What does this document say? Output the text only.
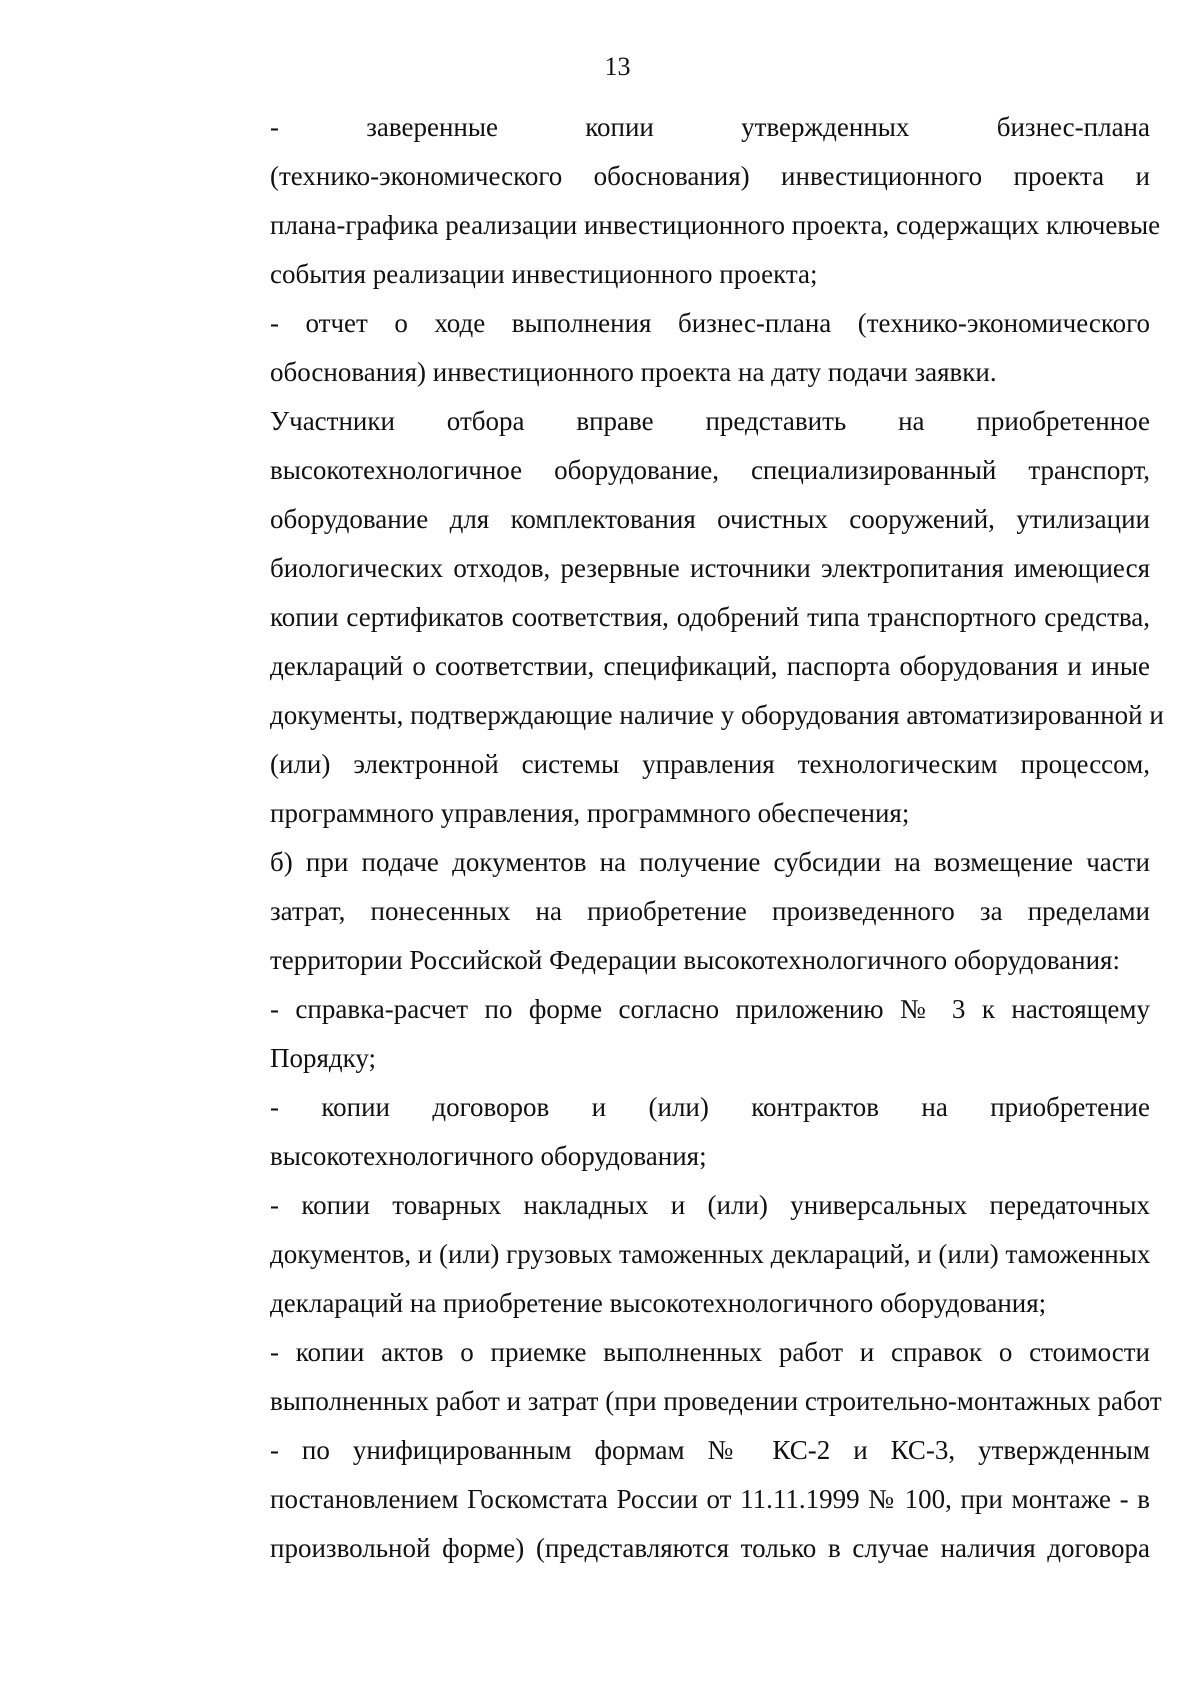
13

- заверенные копии утвержденных бизнес-плана
(технико-экономического обоснования) инвестиционного проекта и
плана-графика реализации инвестиционного проекта, содержащих ключевые
события реализации инвестиционного проекта;

- отчет о ходе выполнения бизнес-плана (технико-экономического
обоснования) инвестиционного проекта на дату подачи заявки.

Участники отбора вправе представить на приобретенное
высокотехнологичное оборудование, специализированный транспорт,
оборудование для комплектования очистных сооружений, утилизации
биологических отходов, резервные источники электропитания имеющиеся
копии сертификатов соответствия, одобрений типа транспортного средства,
деклараций о соответствии, спецификаций, паспорта оборудования и иные
документы, подтверждающие наличие у оборудования автоматизированной и
(или) электронной системы управления технологическим процессом,
программного управления, программного обеспечения;

б) при подаче документов на получение субсидии на возмещение части
затрат, понесенных на приобретение произведенного за пределами
территории Российской Федерации высокотехнологичного оборудования:

- справка-расчет по форме согласно приложению № 3 к настоящему
Порядку;

- копии договоров и (или) контрактов на приобретение
высокотехнологичного оборудования;

- копии товарных накладных и (или) универсальных передаточных
документов, и (или) грузовых таможенных деклараций, и (или) таможенных
деклараций на приобретение высокотехнологичного оборудования;

- копии актов о приемке выполненных работ и справок о стоимости
выполненных работ и затрат (при проведении строительно-монтажных работ
- по унифицированным формам № КС-2 и КС-3, утвержденным
постановлением Госкомстата России от 11.11.1999 № 100, при монтаже - в
произвольной форме) (представляются только в случае наличия договора
